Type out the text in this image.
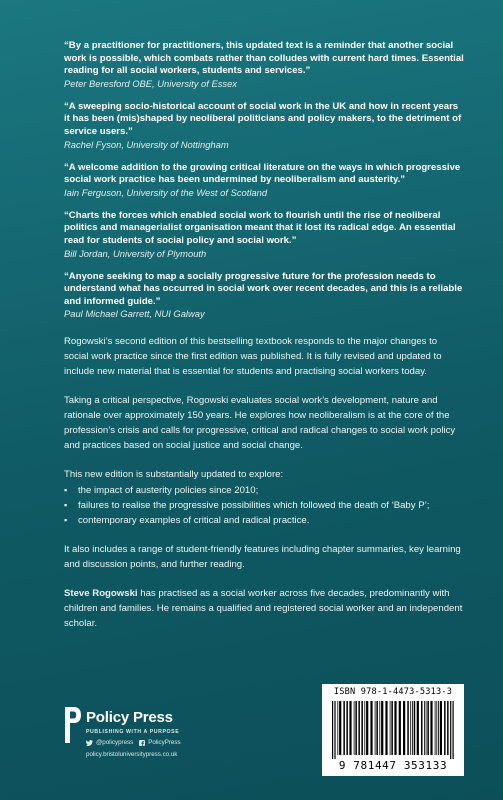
“By a practitioner for practitioners, this updated text is a reminder that another social work is possible, which combats rather than colludes with current hard times. Essential reading for all social workers, students and services.”
Peter Beresford OBE, University of Essex
“A sweeping socio-historical account of social work in the UK and how in recent years it has been (mis)shaped by neoliberal politicians and policy makers, to the detriment of service users.”
Rachel Fyson, University of Nottingham
“A welcome addition to the growing critical literature on the ways in which progressive social work practice has been undermined by neoliberalism and austerity.”
Iain Ferguson, University of the West of Scotland
“Charts the forces which enabled social work to flourish until the rise of neoliberal politics and managerialist organisation meant that it lost its radical edge. An essential read for students of social policy and social work.”
Bill Jordan, University of Plymouth
“Anyone seeking to map a socially progressive future for the profession needs to understand what has occurred in social work over recent decades, and this is a reliable and informed guide.”
Paul Michael Garrett, NUI Galway

Rogowski’s second edition of this bestselling textbook responds to the major changes to social work practice since the first edition was published. It is fully revised and updated to include new material that is essential for students and practising social workers today.

Taking a critical perspective, Rogowski evaluates social work’s development, nature and rationale over approximately 150 years. He explores how neoliberalism is at the core of the profession’s crisis and calls for progressive, critical and radical changes to social work policy and practices based on social justice and social change.

This new edition is substantially updated to explore:

▪ the impact of austerity policies since 2010;
▪ failures to realise the progressive possibilities which followed the death of ‘Baby P’;
▪ contemporary examples of critical and radical practice.

It also includes a range of student-friendly features including chapter summaries, key learning and discussion points, and further reading.

Steve Rogowski has practised as a social worker across five decades, predominantly with children and families. He remains a qualified and registered social worker and an independent scholar.

Policy Press
PUBLISHING WITH A PURPOSE
@policypress PolicyPress
policy.bristoluniversitypress.co.uk
ISBN 978-1-4473-5313-3
9 781447 353133
